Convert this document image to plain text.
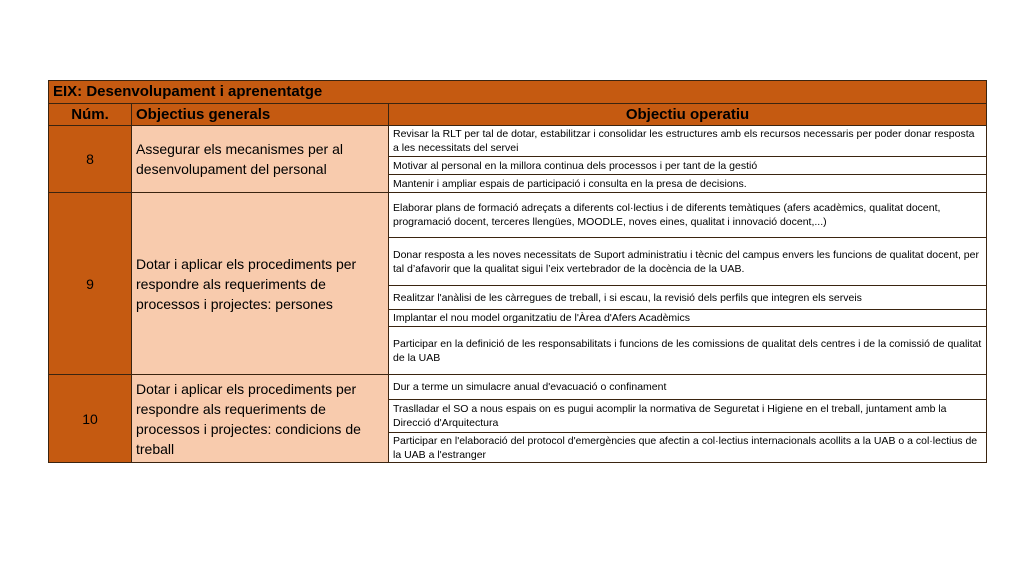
EIX: Desenvolupament i aprenentatge		
Núm.	Objectius generals	Objectiu operatiu
8	Assegurar els mecanismes per al desenvolupament del personal	Revisar la RLT per tal de dotar, estabilitzar i consolidar les estructures amb els recursos necessaris per poder donar resposta a les necessitats del servei
		Motivar al personal en la millora continua dels processos i per tant de la gestió
		Mantenir i ampliar espais de participació i consulta en la presa de decisions.
9	Dotar i aplicar els procediments per respondre als requeriments de processos i projectes: persones	Elaborar plans de formació adreçats a diferents col·lectius i de diferents temàtiques (afers acadèmics, qualitat docent, programació docent, terceres llengües, MOODLE, noves eines, qualitat i innovació docent,...)
		Donar resposta a les noves necessitats de Suport administratiu i tècnic del campus envers les funcions de qualitat docent, per tal d’afavorir que la qualitat sigui l’eix vertebrador de la docència de la UAB.
		Realitzar l'anàlisi de les càrregues de treball, i si escau, la revisió dels perfils que integren els serveis
		Implantar el nou model organitzatiu de l'Àrea d'Afers Acadèmics
		Participar en la definició de les responsabilitats i funcions de les comissions de qualitat dels centres i de la comissió de qualitat de la UAB
10	Dotar i aplicar els procediments per respondre als requeriments de processos i projectes: condicions de treball	Dur a terme un simulacre anual d'evacuació o confinament
		Traslladar el SO a nous espais on es pugui acomplir la normativa de Seguretat i Higiene en el treball, juntament amb la Direcció d'Arquitectura
		Participar en l'elaboració del protocol d'emergències que afectin a col·lectius internacionals acollits a la UAB o a col·lectius de la UAB a l'estranger
